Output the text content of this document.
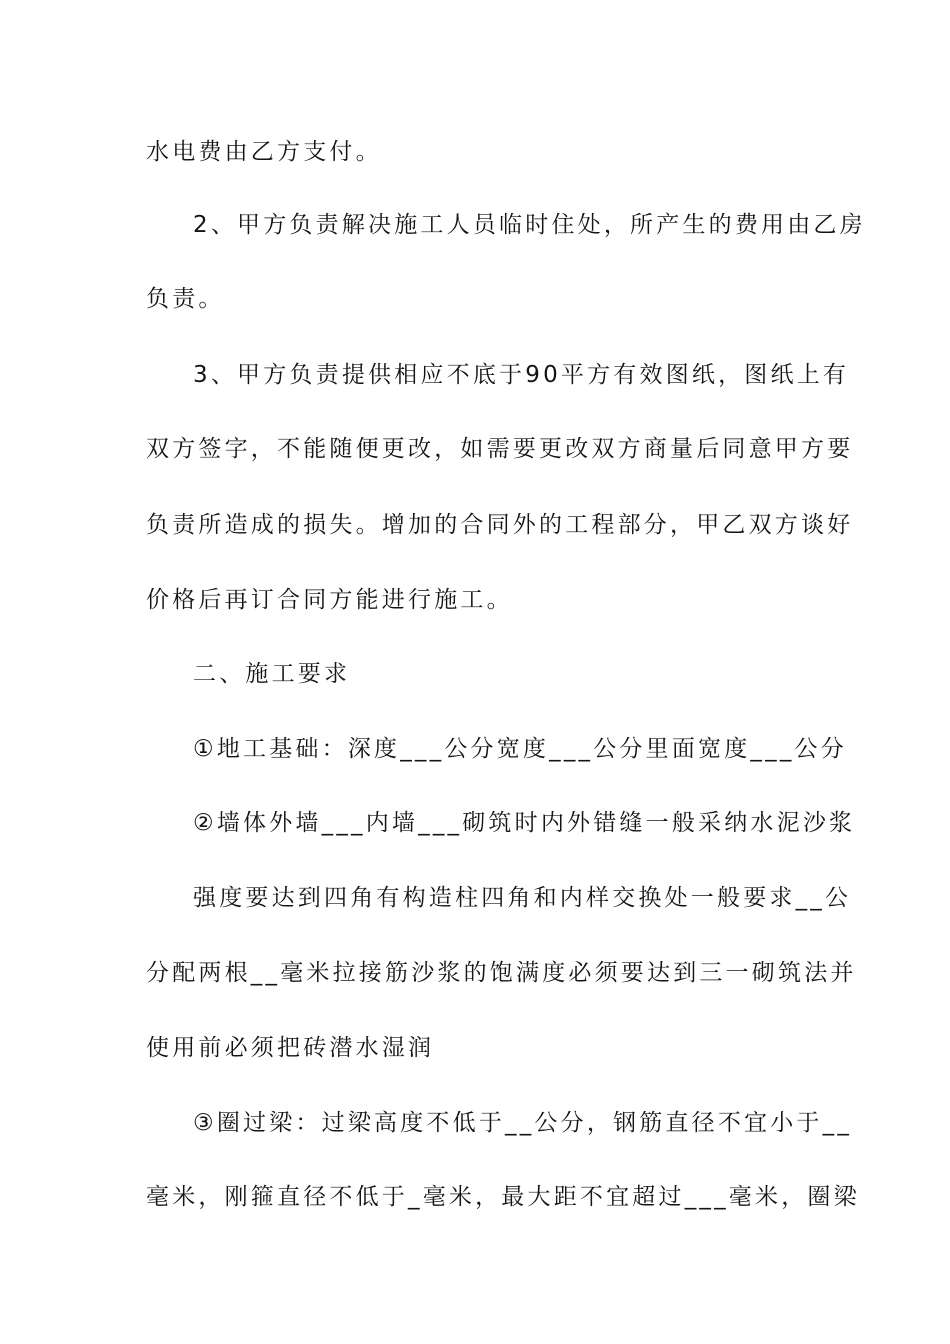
水电费由乙方支付。
2、甲方负责解决施工人员临时住处，所产生的费用由乙房
负责。
3、甲方负责提供相应不底于90平方有效图纸，图纸上有
双方签字，不能随便更改，如需要更改双方商量后同意甲方要
负责所造成的损失。增加的合同外的工程部分，甲乙双方谈好
价格后再订合同方能进行施工。
二、施工要求
①地工基础：深度___公分宽度___公分里面宽度___公分
②墙体外墙___内墙___砌筑时内外错缝一般采纳水泥沙浆
强度要达到四角有构造柱四角和内样交换处一般要求__公
分配两根__毫米拉接筋沙浆的饱满度必须要达到三一砌筑法并
使用前必须把砖潜水湿润
③圈过梁：过梁高度不低于__公分，钢筋直径不宜小于__
毫米，刚箍直径不低于_毫米，最大距不宜超过___毫米，圈梁
